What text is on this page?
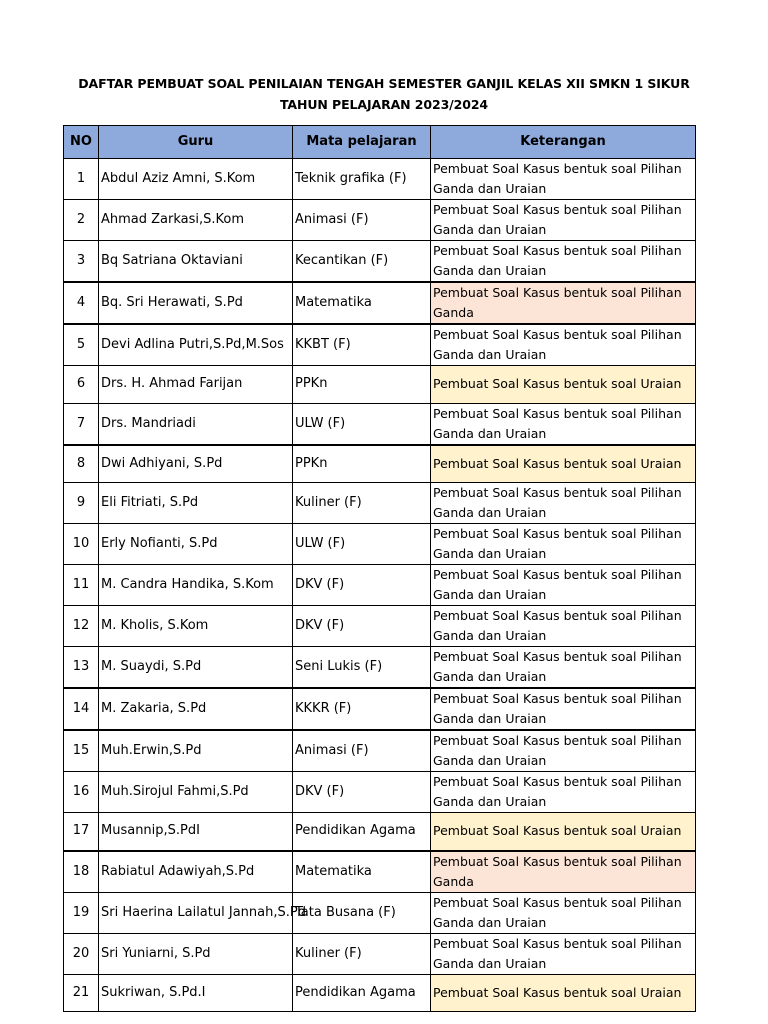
DAFTAR PEMBUAT SOAL PENILAIAN TENGAH SEMESTER GANJIL KELAS XII SMKN 1 SIKUR
TAHUN PELAJARAN 2023/2024
NO	Guru	Mata pelajaran	Keterangan
1	Abdul Aziz Amni, S.Kom	Teknik grafika (F)	Pembuat Soal Kasus bentuk soal Pilihan Ganda dan Uraian
2	Ahmad Zarkasi,S.Kom	Animasi (F)	Pembuat Soal Kasus bentuk soal Pilihan Ganda dan Uraian
3	Bq Satriana Oktaviani	Kecantikan (F)	Pembuat Soal Kasus bentuk soal Pilihan Ganda dan Uraian
4	Bq. Sri Herawati, S.Pd	Matematika	Pembuat Soal Kasus bentuk soal Pilihan Ganda
5	Devi Adlina Putri,S.Pd,M.Sos	KKBT (F)	Pembuat Soal Kasus bentuk soal Pilihan Ganda dan Uraian
6	Drs. H. Ahmad Farijan	PPKn	Pembuat Soal Kasus bentuk soal Uraian
7	Drs. Mandriadi	ULW (F)	Pembuat Soal Kasus bentuk soal Pilihan Ganda dan Uraian
8	Dwi Adhiyani, S.Pd	PPKn	Pembuat Soal Kasus bentuk soal Uraian
9	Eli Fitriati, S.Pd	Kuliner (F)	Pembuat Soal Kasus bentuk soal Pilihan Ganda dan Uraian
10	Erly Nofianti, S.Pd	ULW (F)	Pembuat Soal Kasus bentuk soal Pilihan Ganda dan Uraian
11	M. Candra Handika, S.Kom	DKV (F)	Pembuat Soal Kasus bentuk soal Pilihan Ganda dan Uraian
12	M. Kholis, S.Kom	DKV (F)	Pembuat Soal Kasus bentuk soal Pilihan Ganda dan Uraian
13	M. Suaydi, S.Pd	Seni Lukis (F)	Pembuat Soal Kasus bentuk soal Pilihan Ganda dan Uraian
14	M. Zakaria, S.Pd	KKKR (F)	Pembuat Soal Kasus bentuk soal Pilihan Ganda dan Uraian
15	Muh.Erwin,S.Pd	Animasi (F)	Pembuat Soal Kasus bentuk soal Pilihan Ganda dan Uraian
16	Muh.Sirojul Fahmi,S.Pd	DKV (F)	Pembuat Soal Kasus bentuk soal Pilihan Ganda dan Uraian
17	Musannip,S.PdI	Pendidikan Agama	Pembuat Soal Kasus bentuk soal Uraian
18	Rabiatul Adawiyah,S.Pd	Matematika	Pembuat Soal Kasus bentuk soal Pilihan Ganda
19	Sri Haerina Lailatul Jannah,S.Pd	Tata Busana (F)	Pembuat Soal Kasus bentuk soal Pilihan Ganda dan Uraian
20	Sri Yuniarni, S.Pd	Kuliner (F)	Pembuat Soal Kasus bentuk soal Pilihan Ganda dan Uraian
21	Sukriwan, S.Pd.I	Pendidikan Agama	Pembuat Soal Kasus bentuk soal Uraian
